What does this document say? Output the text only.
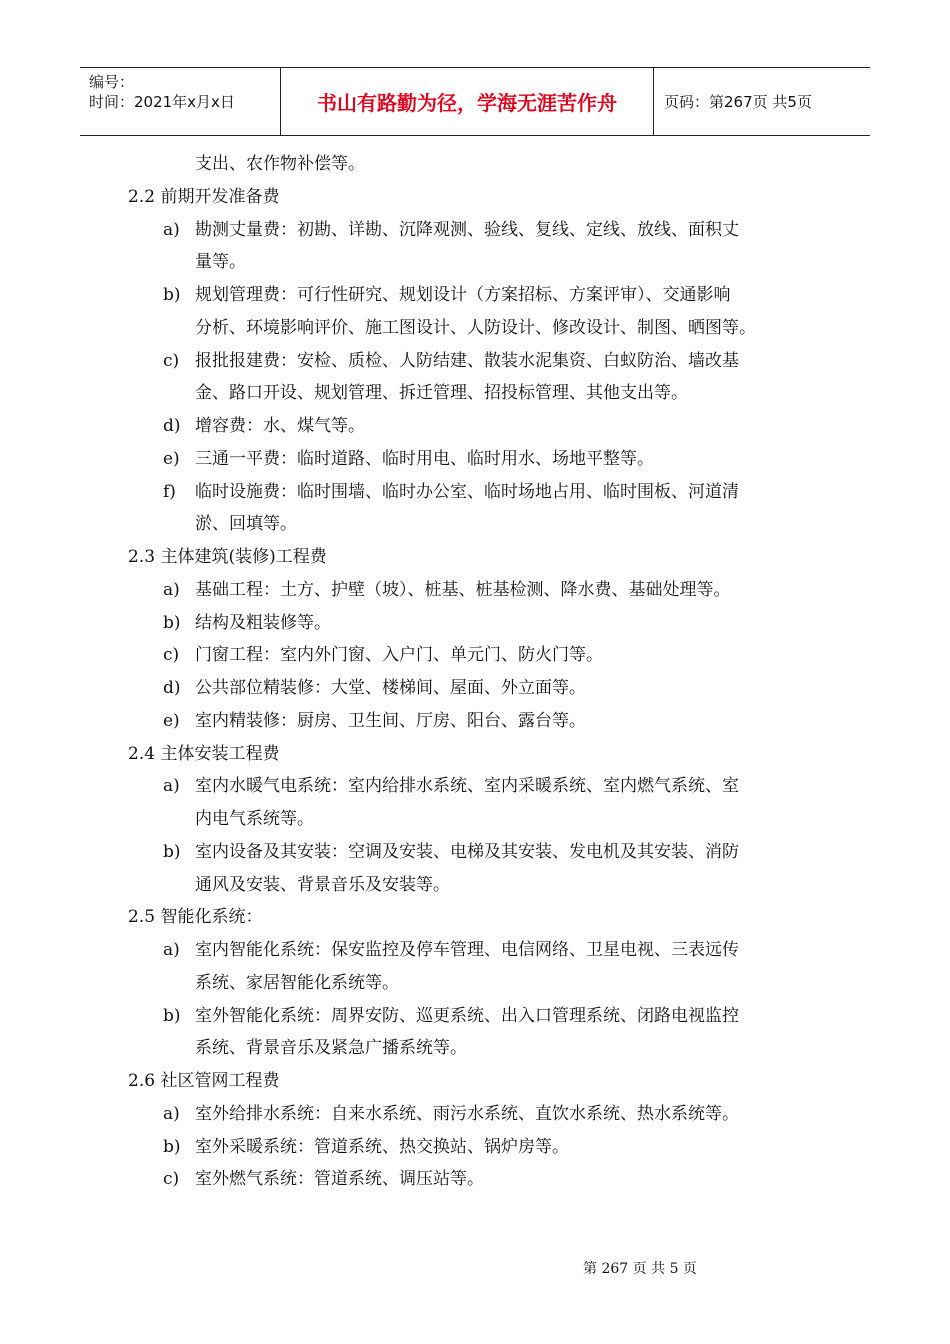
编号：
时间：2021年x月x日	书山有路勤为径，学海无涯苦作舟	页码：第267页 共5页
支出、农作物补偿等。
2.2 前期开发准备费
a) 勘测丈量费：初勘、详勘、沉降观测、验线、复线、定线、放线、面积丈
量等。
b) 规划管理费：可行性研究、规划设计（方案招标、方案评审）、交通影响
分析、环境影响评价、施工图设计、人防设计、修改设计、制图、晒图等。
c) 报批报建费：安检、质检、人防结建、散装水泥集资、白蚁防治、墙改基
金、路口开设、规划管理、拆迁管理、招投标管理、其他支出等。
d) 增容费：水、煤气等。
e) 三通一平费：临时道路、临时用电、临时用水、场地平整等。
f) 临时设施费：临时围墙、临时办公室、临时场地占用、临时围板、河道清
淤、回填等。
2.3 主体建筑(装修)工程费
a) 基础工程：土方、护壁（坡）、桩基、桩基检测、降水费、基础处理等。
b) 结构及粗装修等。
c) 门窗工程：室内外门窗、入户门、单元门、防火门等。
d) 公共部位精装修：大堂、楼梯间、屋面、外立面等。
e) 室内精装修：厨房、卫生间、厅房、阳台、露台等。
2.4 主体安装工程费
a) 室内水暖气电系统：室内给排水系统、室内采暖系统、室内燃气系统、室
内电气系统等。
b) 室内设备及其安装：空调及安装、电梯及其安装、发电机及其安装、消防
通风及安装、背景音乐及安装等。
2.5 智能化系统：
a) 室内智能化系统：保安监控及停车管理、电信网络、卫星电视、三表远传
系统、家居智能化系统等。
b) 室外智能化系统：周界安防、巡更系统、出入口管理系统、闭路电视监控
系统、背景音乐及紧急广播系统等。
2.6 社区管网工程费
a) 室外给排水系统：自来水系统、雨污水系统、直饮水系统、热水系统等。
b) 室外采暖系统：管道系统、热交换站、锅炉房等。
c) 室外燃气系统：管道系统、调压站等。
第 267 页 共 5 页
